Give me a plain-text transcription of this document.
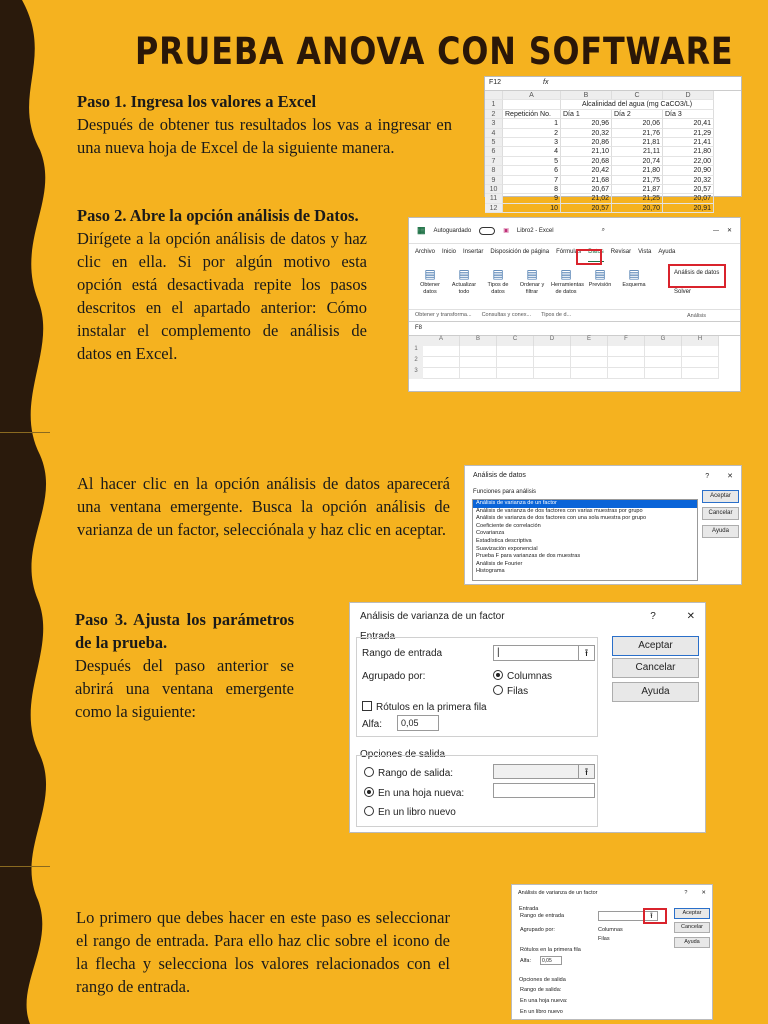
PRUEBA ANOVA CON SOFTWARE
Paso 1. Ingresa los valores a Excel
Después de obtener tus resultados los vas a ingresar en una nueva hoja de Excel de la siguiente manera.
F12	fx
A	B	C	D
1	Alcalinidad del agua (mg CaCO3/L)
2	Repetición No.	Día 1	Día 2	Día 3
3	1	20,96	20,06	20,41
4	2	20,32	21,76	21,29
5	3	20,86	21,81	21,41
6	4	21,10	21,11	21,80
7	5	20,68	20,74	22,00
8	6	20,42	21,80	20,90
9	7	21,68	21,75	20,32
10	8	20,67	21,87	20,57
11	9	21,02	21,25	20,07
12	10	20,57	20,70	20,91
Paso 2. Abre la opción análisis de Datos.
Dirígete a la opción análisis de datos y haz clic en ella. Si por algún motivo esta opción está desactivada repite los pasos descritos en el apartado anterior: Cómo instalar el complemento de análisis de datos en Excel.
▦ Autoguardado	▣ Libro2 - Excel	⌕	— ✕
Archivo Inicio Insertar Disposición de página Fórmulas Datos Revisar Vista Ayuda
▤
Obtener datos
▤
Actualizar todo
▤
Tipos de datos
▤
Ordenar y filtrar
▤
Herramientas de datos
▤
Previsión
▤
Esquema
Obtener y transforma... Consultas y conex... Tipos de d...
F8
A	B	C	D	E	F	G	H
1
2
3
Análisis de datos
Solver
Análisis
Al hacer clic en la opción análisis de datos aparecerá una ventana emergente. Busca la opción análisis de varianza de un factor, selecciónala y haz clic en aceptar.
Análisis de datos	?	✕
Funciones para análisis
Análisis de varianza de un factor
Análisis de varianza de dos factores con varias muestras por grupo
Análisis de varianza de dos factores con una sola muestra por grupo
Coeficiente de correlación
Covarianza
Estadística descriptiva
Suavización exponencial
Prueba F para varianzas de dos muestras
Análisis de Fourier
Histograma
Aceptar
Cancelar
Ayuda
Paso 3. Ajusta los parámetros de la prueba.
Después del paso anterior se abrirá una ventana emergente como la siguiente:
Análisis de varianza de un factor	?	✕
Entrada
Rango de entrada	|	⭱
Agrupado por:	Columnas
Filas
Rótulos en la primera fila
Alfa:	0,05
Opciones de salida
Rango de salida:	⭱
En una hoja nueva:
En un libro nuevo
Aceptar
Cancelar
Ayuda
Lo primero que debes hacer en este paso es seleccionar el rango de entrada. Para ello haz clic sobre el icono de la flecha y selecciona los valores relacionados con el rango de entrada.
Análisis de varianza de un factor	?	✕
Entrada
Rango de entrada	⭱
Agrupado por:	Columnas
Filas
Rótulos en la primera fila
Alfa:	0,05
Opciones de salida
Rango de salida:
En una hoja nueva:
En un libro nuevo
Aceptar
Cancelar
Ayuda
